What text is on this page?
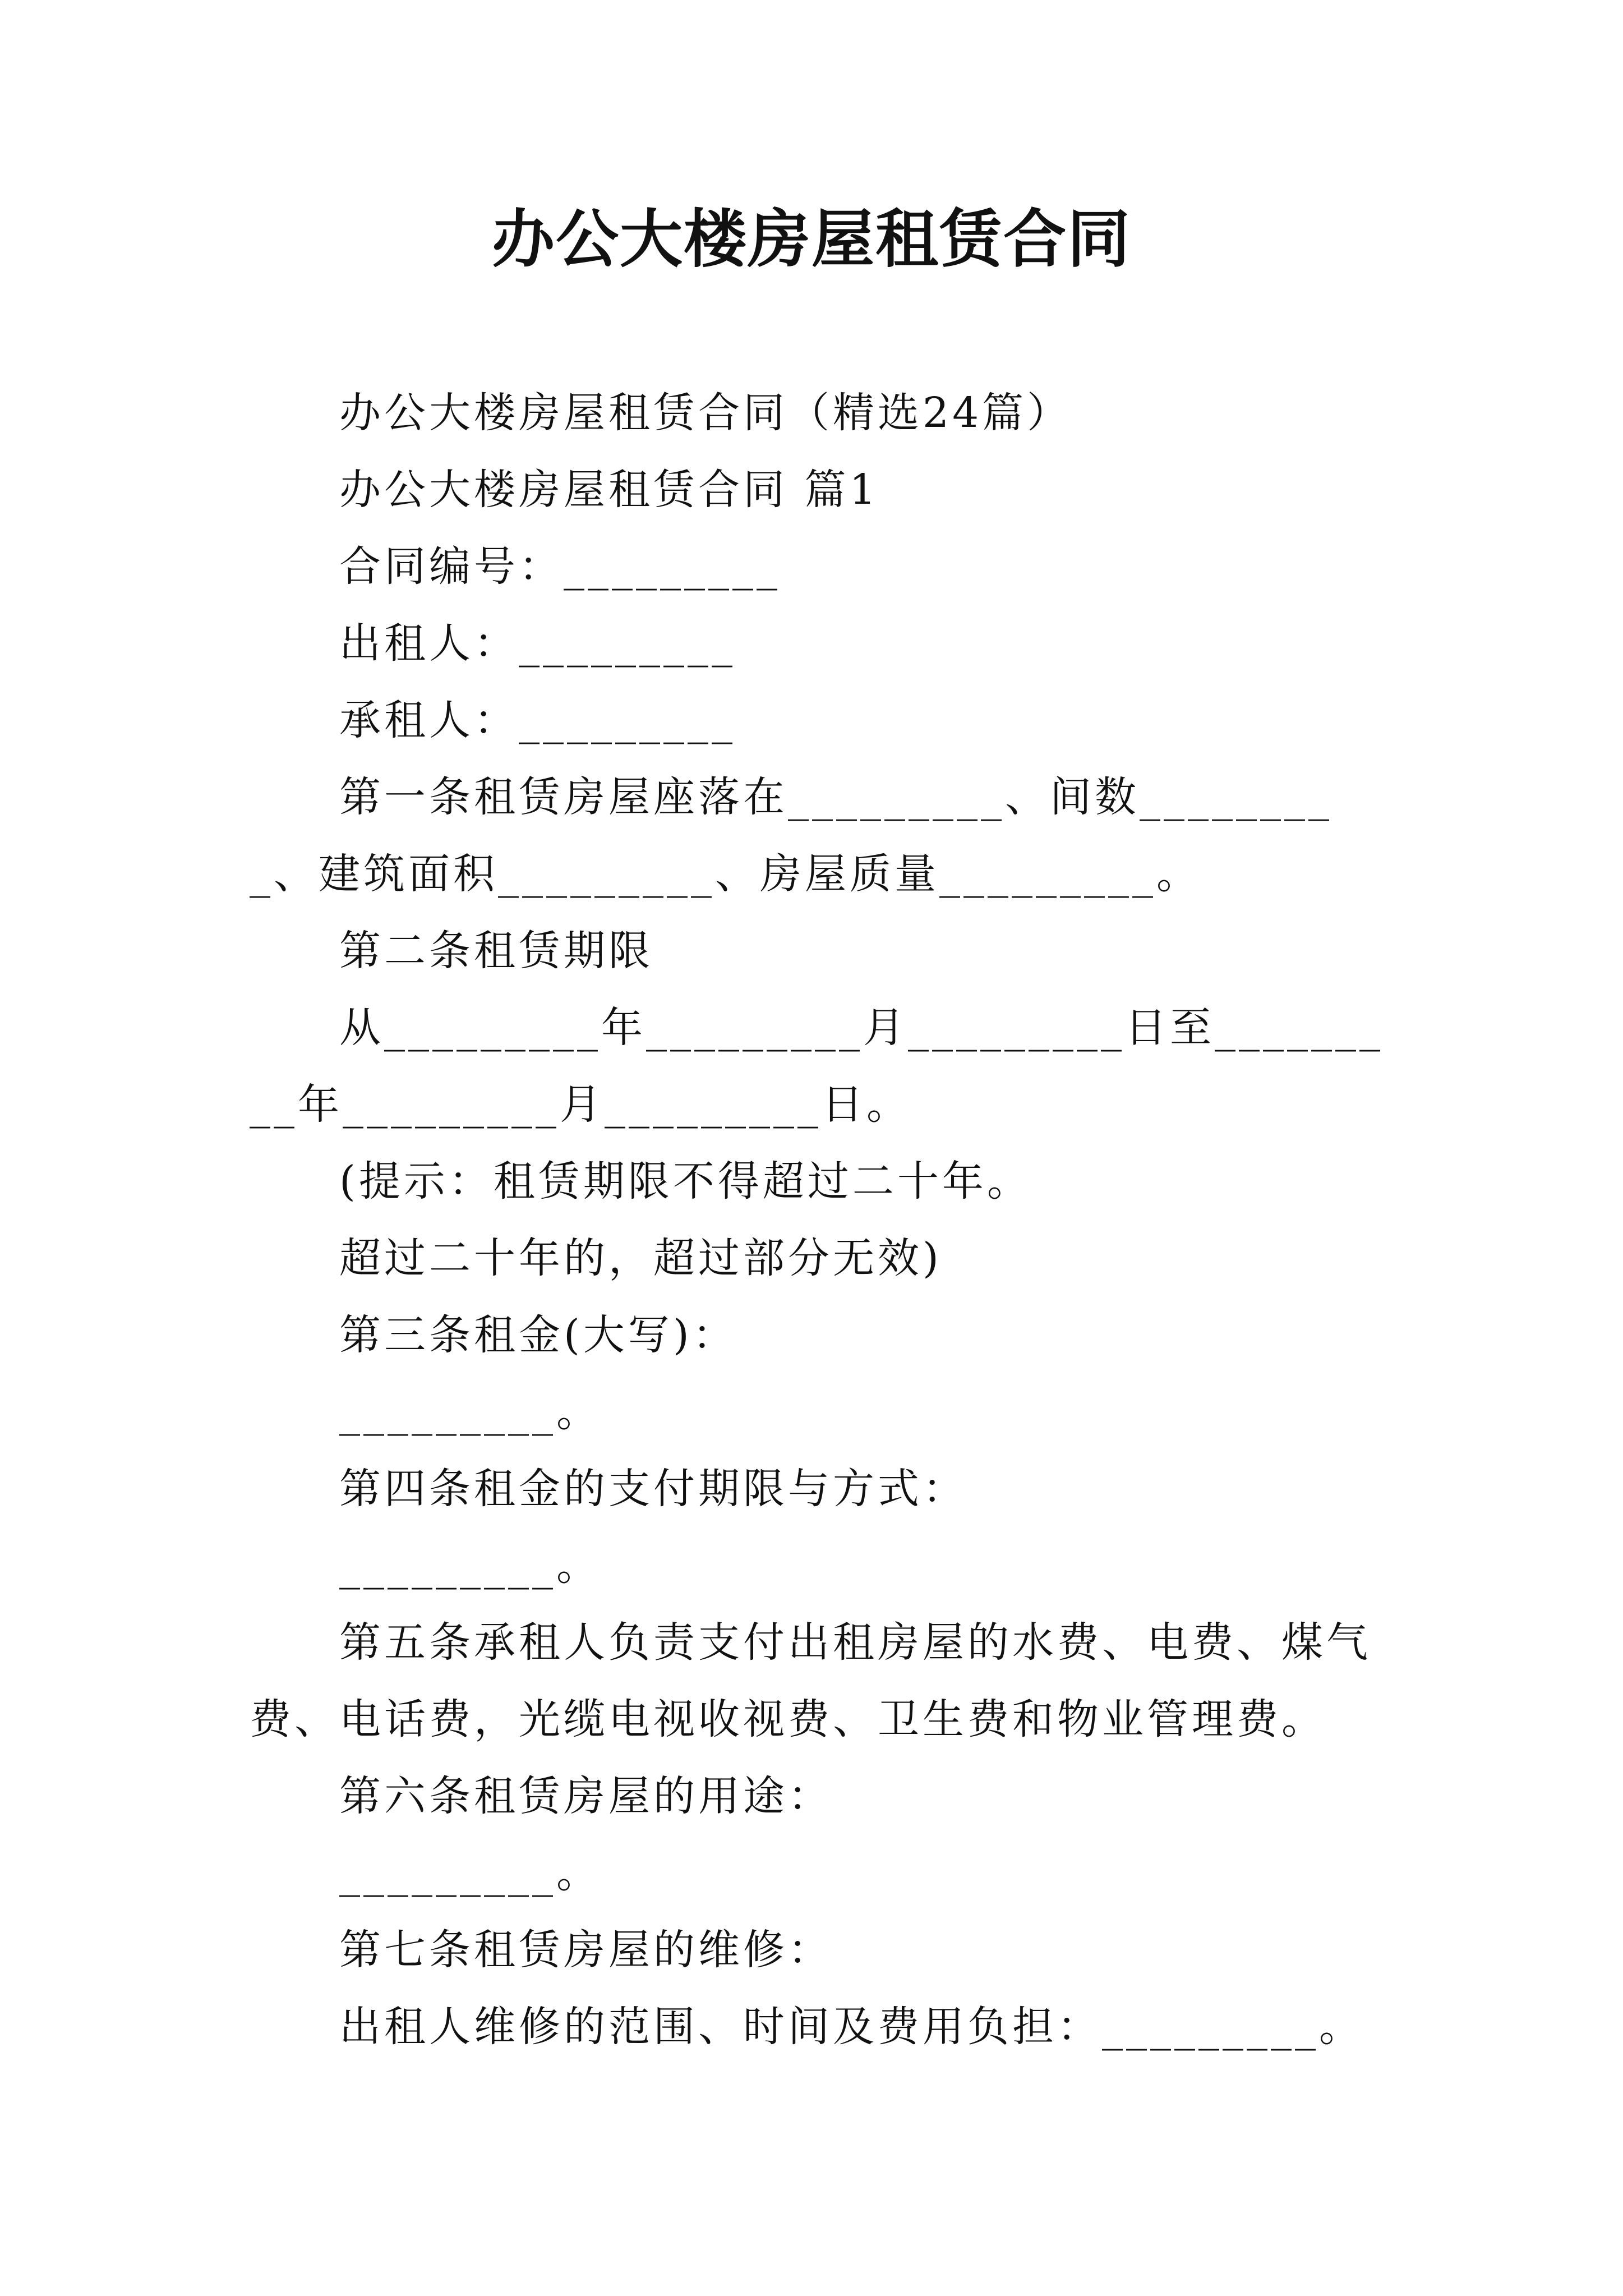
办公大楼房屋租赁合同

办公大楼房屋租赁合同（精选24篇）

办公大楼房屋租赁合同 篇1

合同编号：_________

出租人：_________

承租人：_________

第一条租赁房屋座落在_________、间数_________、建筑面积_________、房屋质量_________。

第二条租赁期限

从_________年_________月_________日至_________年_________月_________日。

(提示：租赁期限不得超过二十年。

超过二十年的，超过部分无效)

第三条租金(大写)：

_________。

第四条租金的支付期限与方式：

_________。

第五条承租人负责支付出租房屋的水费、电费、煤气费、电话费，光缆电视收视费、卫生费和物业管理费。

第六条租赁房屋的用途：

_________。

第七条租赁房屋的维修：

出租人维修的范围、时间及费用负担：_________。
